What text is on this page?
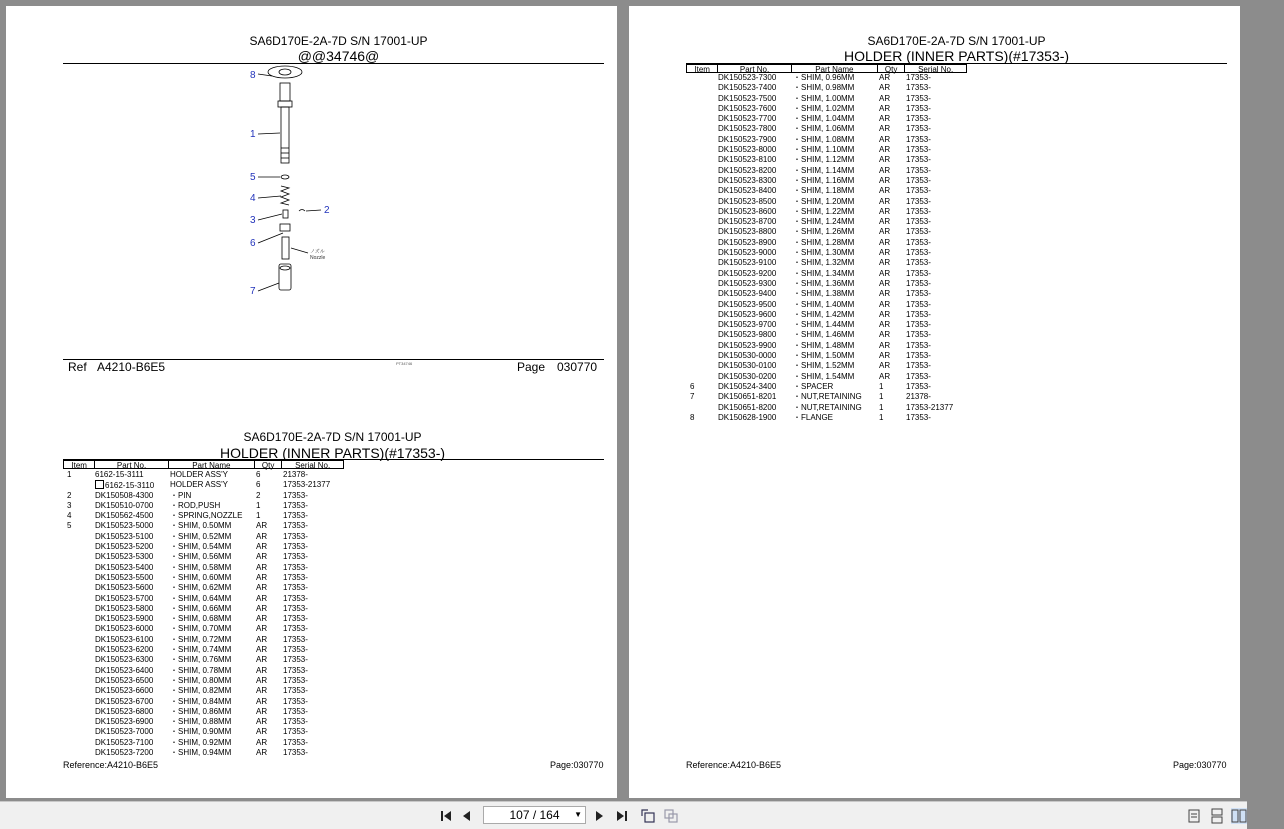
SA6D170E-2A-7D S/N 17001-UP
@@34746@
8
1
5
4
3
2
6
7
ノズル Nozzle
PT34746
Ref A4210-B6E5	Page 030770
SA6D170E-2A-7D S/N 17001-UP
HOLDER (INNER PARTS)(#17353-)
Item	Part No.	Part Name	Qty	Serial No.
1	6162-15-3111	HOLDER ASS'Y	6	21378-
6162-15-3110	HOLDER ASS'Y	6	17353-21377
2	DK150508-4300	・PIN	2	17353-
3	DK150510-0700	・ROD,PUSH	1	17353-
4	DK150562-4500	・SPRING,NOZZLE	1	17353-
5	DK150523-5000	・SHIM, 0.50MM	AR	17353-
DK150523-5100	・SHIM, 0.52MM	AR	17353-
DK150523-5200	・SHIM, 0.54MM	AR	17353-
DK150523-5300	・SHIM, 0.56MM	AR	17353-
DK150523-5400	・SHIM, 0.58MM	AR	17353-
DK150523-5500	・SHIM, 0.60MM	AR	17353-
DK150523-5600	・SHIM, 0.62MM	AR	17353-
DK150523-5700	・SHIM, 0.64MM	AR	17353-
DK150523-5800	・SHIM, 0.66MM	AR	17353-
DK150523-5900	・SHIM, 0.68MM	AR	17353-
DK150523-6000	・SHIM, 0.70MM	AR	17353-
DK150523-6100	・SHIM, 0.72MM	AR	17353-
DK150523-6200	・SHIM, 0.74MM	AR	17353-
DK150523-6300	・SHIM, 0.76MM	AR	17353-
DK150523-6400	・SHIM, 0.78MM	AR	17353-
DK150523-6500	・SHIM, 0.80MM	AR	17353-
DK150523-6600	・SHIM, 0.82MM	AR	17353-
DK150523-6700	・SHIM, 0.84MM	AR	17353-
DK150523-6800	・SHIM, 0.86MM	AR	17353-
DK150523-6900	・SHIM, 0.88MM	AR	17353-
DK150523-7000	・SHIM, 0.90MM	AR	17353-
DK150523-7100	・SHIM, 0.92MM	AR	17353-
DK150523-7200	・SHIM, 0.94MM	AR	17353-
Reference:A4210-B6E5	Page:030770
SA6D170E-2A-7D S/N 17001-UP
HOLDER (INNER PARTS)(#17353-)
Item	Part No.	Part Name	Qty	Serial No.
DK150523-7300	・SHIM, 0.96MM	AR	17353-
DK150523-7400	・SHIM, 0.98MM	AR	17353-
DK150523-7500	・SHIM, 1.00MM	AR	17353-
DK150523-7600	・SHIM, 1.02MM	AR	17353-
DK150523-7700	・SHIM, 1.04MM	AR	17353-
DK150523-7800	・SHIM, 1.06MM	AR	17353-
DK150523-7900	・SHIM, 1.08MM	AR	17353-
DK150523-8000	・SHIM, 1.10MM	AR	17353-
DK150523-8100	・SHIM, 1.12MM	AR	17353-
DK150523-8200	・SHIM, 1.14MM	AR	17353-
DK150523-8300	・SHIM, 1.16MM	AR	17353-
DK150523-8400	・SHIM, 1.18MM	AR	17353-
DK150523-8500	・SHIM, 1.20MM	AR	17353-
DK150523-8600	・SHIM, 1.22MM	AR	17353-
DK150523-8700	・SHIM, 1.24MM	AR	17353-
DK150523-8800	・SHIM, 1.26MM	AR	17353-
DK150523-8900	・SHIM, 1.28MM	AR	17353-
DK150523-9000	・SHIM, 1.30MM	AR	17353-
DK150523-9100	・SHIM, 1.32MM	AR	17353-
DK150523-9200	・SHIM, 1.34MM	AR	17353-
DK150523-9300	・SHIM, 1.36MM	AR	17353-
DK150523-9400	・SHIM, 1.38MM	AR	17353-
DK150523-9500	・SHIM, 1.40MM	AR	17353-
DK150523-9600	・SHIM, 1.42MM	AR	17353-
DK150523-9700	・SHIM, 1.44MM	AR	17353-
DK150523-9800	・SHIM, 1.46MM	AR	17353-
DK150523-9900	・SHIM, 1.48MM	AR	17353-
DK150530-0000	・SHIM, 1.50MM	AR	17353-
DK150530-0100	・SHIM, 1.52MM	AR	17353-
DK150530-0200	・SHIM, 1.54MM	AR	17353-
6	DK150524-3400	・SPACER	1	17353-
7	DK150651-8201	・NUT,RETAINING	1	21378-
DK150651-8200	・NUT,RETAINING	1	17353-21377
8	DK150628-1900	・FLANGE	1	17353-
Reference:A4210-B6E5	Page:030770
107 / 164 ▼
